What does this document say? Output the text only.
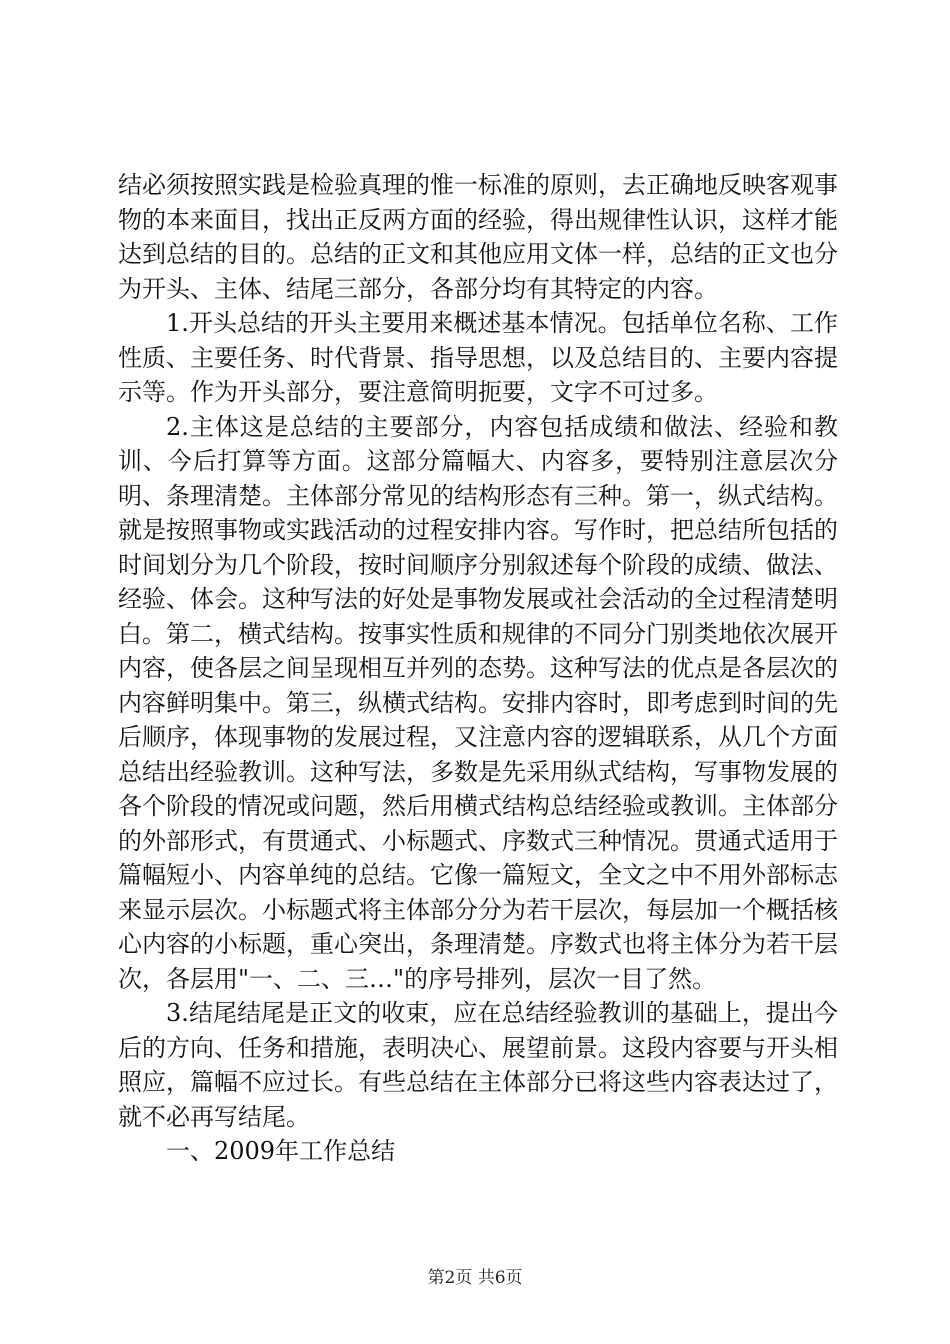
结必须按照实践是检验真理的惟一标准的原则，去正确地反映客观事物的本来面目，找出正反两方面的经验，得出规律性认识，这样才能达到总结的目的。总结的正文和其他应用文体一样，总结的正文也分为开头、主体、结尾三部分，各部分均有其特定的内容。

1.开头总结的开头主要用来概述基本情况。包括单位名称、工作性质、主要任务、时代背景、指导思想，以及总结目的、主要内容提示等。作为开头部分，要注意简明扼要，文字不可过多。

2.主体这是总结的主要部分，内容包括成绩和做法、经验和教训、今后打算等方面。这部分篇幅大、内容多，要特别注意层次分明、条理清楚。主体部分常见的结构形态有三种。第一，纵式结构。就是按照事物或实践活动的过程安排内容。写作时，把总结所包括的时间划分为几个阶段，按时间顺序分别叙述每个阶段的成绩、做法、经验、体会。这种写法的好处是事物发展或社会活动的全过程清楚明白。第二，横式结构。按事实性质和规律的不同分门别类地依次展开内容，使各层之间呈现相互并列的态势。这种写法的优点是各层次的内容鲜明集中。第三，纵横式结构。安排内容时，即考虑到时间的先后顺序，体现事物的发展过程，又注意内容的逻辑联系，从几个方面总结出经验教训。这种写法，多数是先采用纵式结构，写事物发展的各个阶段的情况或问题，然后用横式结构总结经验或教训。主体部分的外部形式，有贯通式、小标题式、序数式三种情况。贯通式适用于篇幅短小、内容单纯的总结。它像一篇短文，全文之中不用外部标志来显示层次。小标题式将主体部分分为若干层次，每层加一个概括核心内容的小标题，重心突出，条理清楚。序数式也将主体分为若干层次，各层用"一、二、三…"的序号排列，层次一目了然。

3.结尾结尾是正文的收束，应在总结经验教训的基础上，提出今后的方向、任务和措施，表明决心、展望前景。这段内容要与开头相照应，篇幅不应过长。有些总结在主体部分已将这些内容表达过了，就不必再写结尾。

一、2009年工作总结

第2页 共6页
